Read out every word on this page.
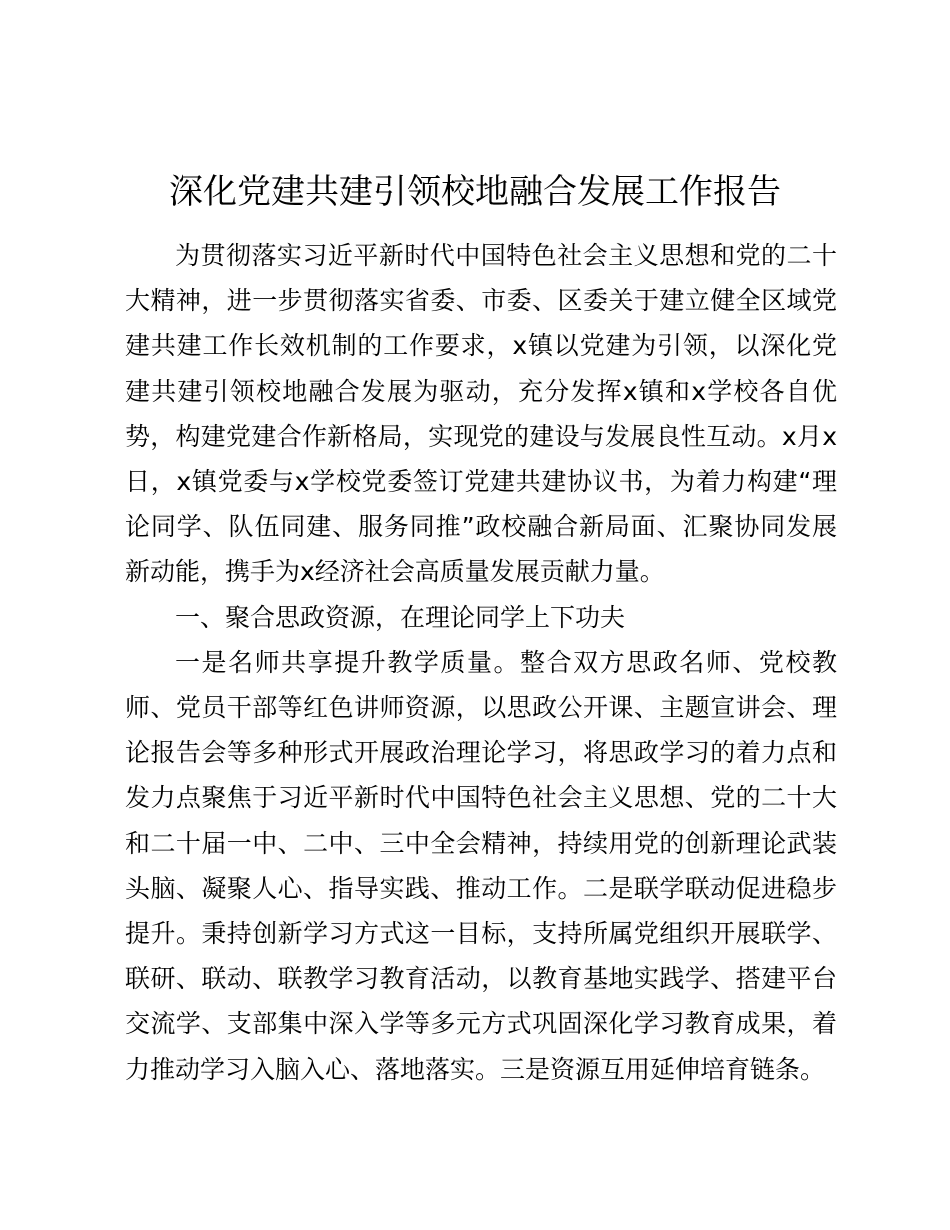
深化党建共建引领校地融合发展工作报告

为贯彻落实习近平新时代中国特色社会主义思想和党的二十大精神，进一步贯彻落实省委、市委、区委关于建立健全区域党建共建工作长效机制的工作要求，x镇以党建为引领，以深化党建共建引领校地融合发展为驱动，充分发挥x镇和x学校各自优势，构建党建合作新格局，实现党的建设与发展良性互动。x月x日，x镇党委与x学校党委签订党建共建协议书，为着力构建“理论同学、队伍同建、服务同推”政校融合新局面、汇聚协同发展新动能，携手为x经济社会高质量发展贡献力量。

一、聚合思政资源，在理论同学上下功夫

一是名师共享提升教学质量。整合双方思政名师、党校教师、党员干部等红色讲师资源，以思政公开课、主题宣讲会、理论报告会等多种形式开展政治理论学习，将思政学习的着力点和发力点聚焦于习近平新时代中国特色社会主义思想、党的二十大和二十届一中、二中、三中全会精神，持续用党的创新理论武装头脑、凝聚人心、指导实践、推动工作。二是联学联动促进稳步提升。秉持创新学习方式这一目标，支持所属党组织开展联学、联研、联动、联教学习教育活动，以教育基地实践学、搭建平台交流学、支部集中深入学等多元方式巩固深化学习教育成果，着力推动学习入脑入心、落地落实。三是资源互用延伸培育链条。
